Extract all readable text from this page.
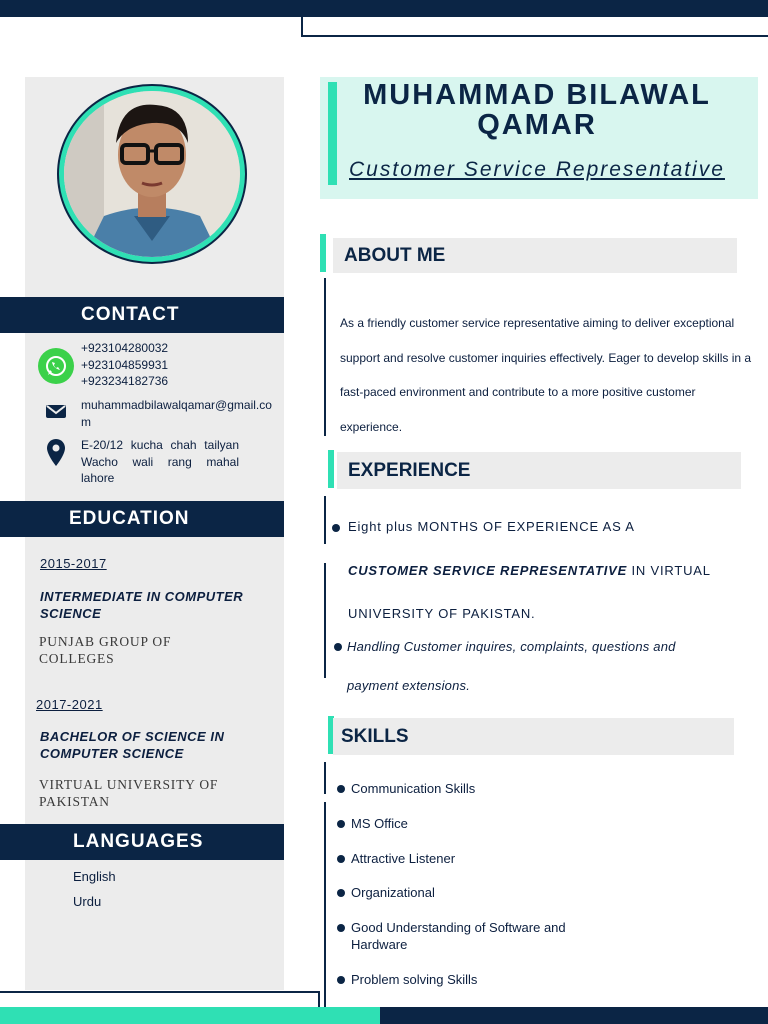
CONTACT
+923104280032
+923104859931
+923234182736
muhammadbilawalqamar@gmail.com
E-20/12 kucha chah tailyan Wacho wali rang mahal lahore
EDUCATION
2015-2017
INTERMEDIATE IN COMPUTER SCIENCE
PUNJAB GROUP OF COLLEGES
2017-2021
BACHELOR OF SCIENCE IN COMPUTER SCIENCE
VIRTUAL UNIVERSITY OF PAKISTAN
LANGUAGES
English
Urdu
MUHAMMAD BILAWAL QAMAR
Customer Service Representative
ABOUT ME
As a friendly customer service representative aiming to deliver exceptional support and resolve customer inquiries effectively. Eager to develop skills in a fast-paced environment and contribute to a more positive customer experience.
EXPERIENCE
Eight plus MONTHS OF EXPERIENCE AS A
CUSTOMER SERVICE REPRESENTATIVE IN VIRTUAL
UNIVERSITY OF PAKISTAN.
Handling Customer inquires, complaints, questions and
payment extensions.
SKILLS
Communication Skills
MS Office
Attractive Listener
Organizational
Good Understanding of Software and Hardware
Problem solving Skills
